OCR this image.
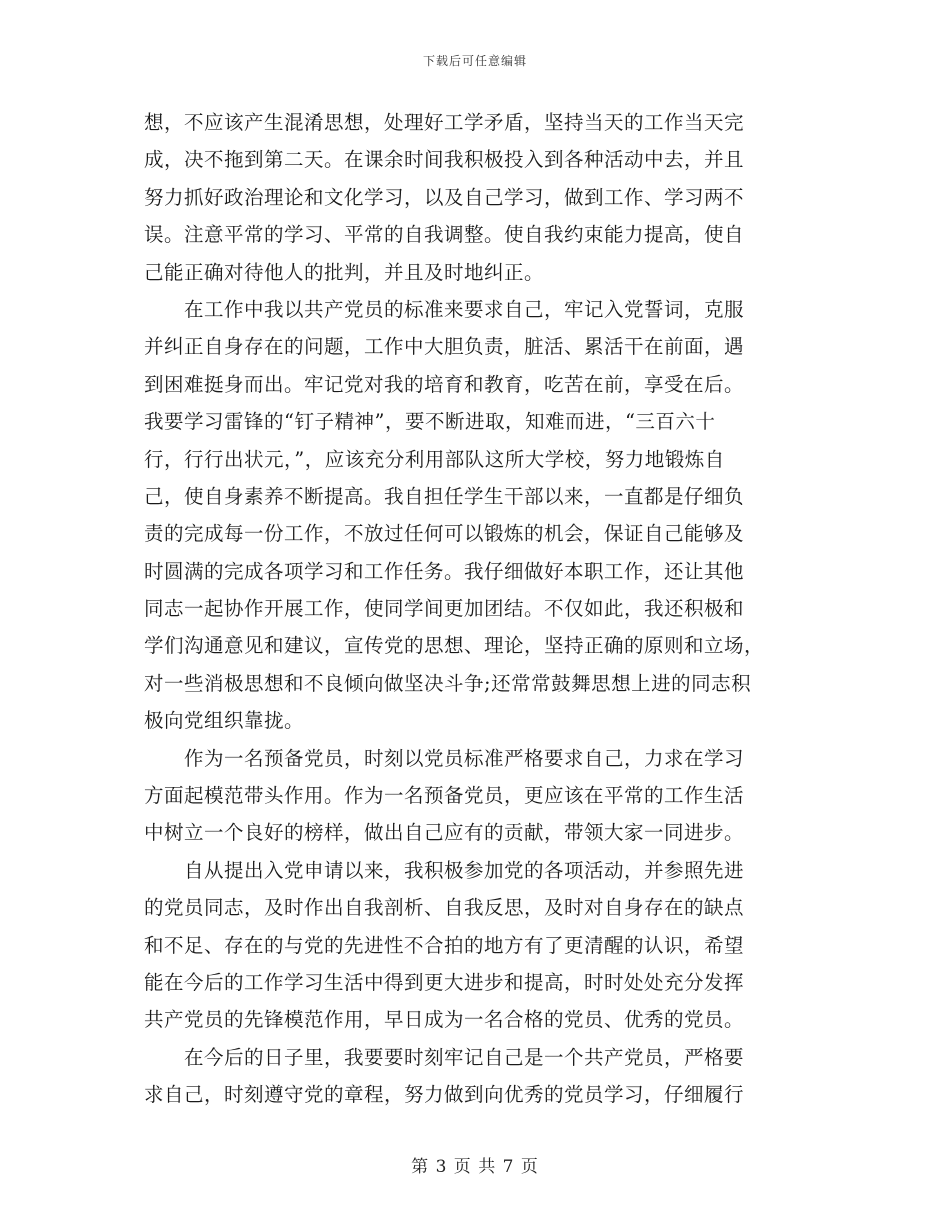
下载后可任意编辑
想，不应该产生混淆思想，处理好工学矛盾，坚持当天的工作当天完
成，决不拖到第二天。在课余时间我积极投入到各种活动中去，并且
努力抓好政治理论和文化学习，以及自己学习，做到工作、学习两不
误。注意平常的学习、平常的自我调整。使自我约束能力提高，使自
己能正确对待他人的批判，并且及时地纠正。
　　在工作中我以共产党员的标准来要求自己，牢记入党誓词，克服
并纠正自身存在的问题，工作中大胆负责，脏活、累活干在前面，遇
到困难挺身而出。牢记党对我的培育和教育，吃苦在前，享受在后。
我要学习雷锋的“钉子精神”，要不断进取，知难而进，“三百六十
行，行行出状元，”，应该充分利用部队这所大学校，努力地锻炼自
己，使自身素养不断提高。我自担任学生干部以来，一直都是仔细负
责的完成每一份工作，不放过任何可以锻炼的机会，保证自己能够及
时圆满的完成各项学习和工作任务。我仔细做好本职工作，还让其他
同志一起协作开展工作，使同学间更加团结。不仅如此，我还积极和
学们沟通意见和建议，宣传党的思想、理论，坚持正确的原则和立场，
对一些消极思想和不良倾向做坚决斗争;还常常鼓舞思想上进的同志积
极向党组织靠拢。
　　作为一名预备党员，时刻以党员标准严格要求自己，力求在学习
方面起模范带头作用。作为一名预备党员，更应该在平常的工作生活
中树立一个良好的榜样，做出自己应有的贡献，带领大家一同进步。
　　自从提出入党申请以来，我积极参加党的各项活动，并参照先进
的党员同志，及时作出自我剖析、自我反思，及时对自身存在的缺点
和不足、存在的与党的先进性不合拍的地方有了更清醒的认识，希望
能在今后的工作学习生活中得到更大进步和提高，时时处处充分发挥
共产党员的先锋模范作用，早日成为一名合格的党员、优秀的党员。
　　在今后的日子里，我要要时刻牢记自己是一个共产党员，严格要
求自己，时刻遵守党的章程，努力做到向优秀的党员学习，仔细履行
第 3 页 共 7 页
